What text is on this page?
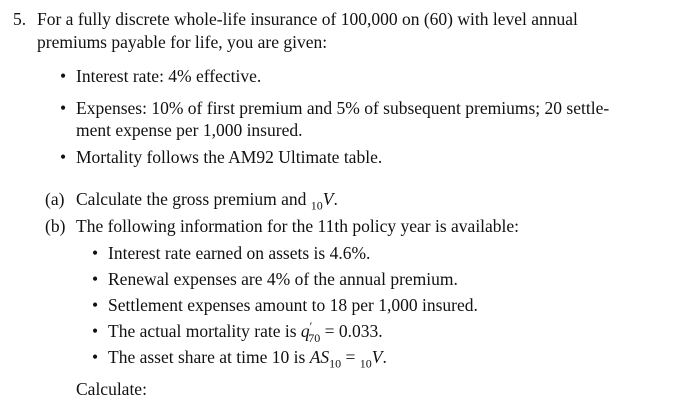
5. For a fully discrete whole-life insurance of 100,000 on (60) with level annual
premiums payable for life, you are given:
• Interest rate: 4% effective.
• Expenses: 10% of first premium and 5% of subsequent premiums; 20 settle-
ment expense per 1,000 insured.
• Mortality follows the AM92 Ultimate table.
(a) Calculate the gross premium and $_{10}$V.
(b) The following information for the 11th policy year is available:
• Interest rate earned on assets is 4.6%.
• Renewal expenses are 4% of the annual premium.
• Settlement expenses amount to 18 per 1,000 insured.
• The actual mortality rate is $q'_{70} = 0.033$.
• The asset share at time 10 is $AS_{10} = _{10}V$.
Calculate:
